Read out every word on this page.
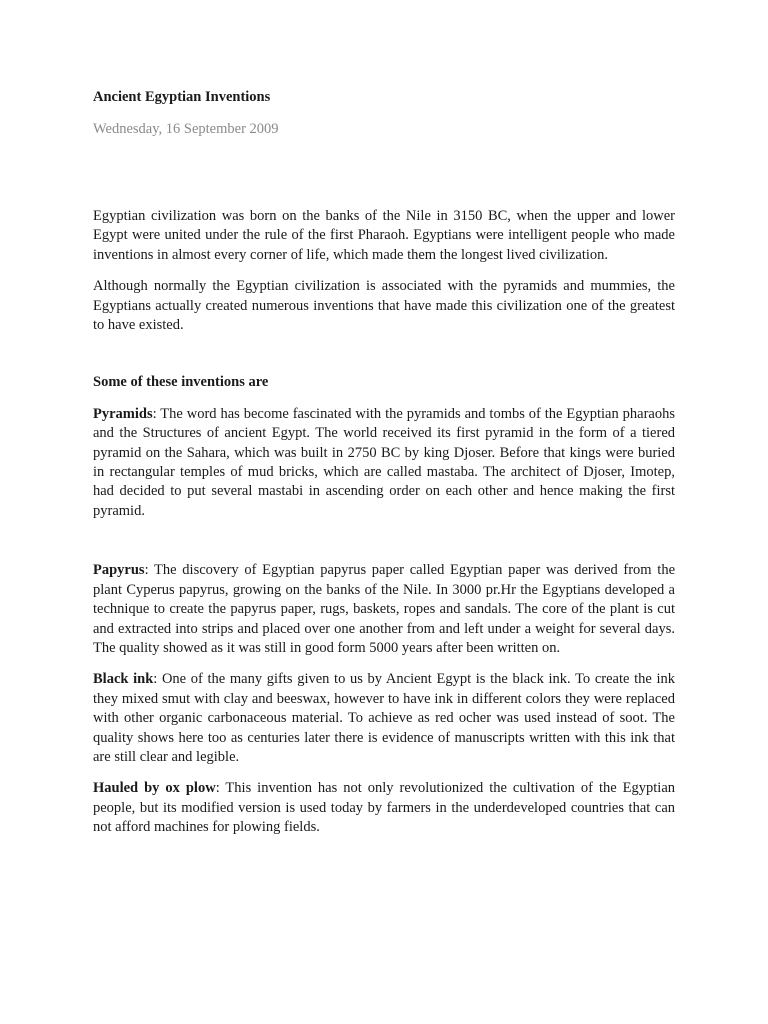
Ancient Egyptian Inventions
Wednesday, 16 September 2009

Egyptian civilization was born on the banks of the Nile in 3150 BC, when the upper and lower Egypt were united under the rule of the first Pharaoh. Egyptians were intelligent people who made inventions in almost every corner of life, which made them the longest lived civilization.

Although normally the Egyptian civilization is associated with the pyramids and mummies, the Egyptians actually created numerous inventions that have made this civilization one of the greatest to have existed.

Some of these inventions are

Pyramids: The word has become fascinated with the pyramids and tombs of the Egyptian pharaohs and the Structures of ancient Egypt. The world received its first pyramid in the form of a tiered pyramid on the Sahara, which was built in 2750 BC by king Djoser. Before that kings were buried in rectangular temples of mud bricks, which are called mastaba. The architect of Djoser, Imotep, had decided to put several mastabi in ascending order on each other and hence making the first pyramid.

Papyrus: The discovery of Egyptian papyrus paper called Egyptian paper was derived from the plant Cyperus papyrus, growing on the banks of the Nile. In 3000 pr.Hr the Egyptians developed a technique to create the papyrus paper, rugs, baskets, ropes and sandals. The core of the plant is cut and extracted into strips and placed over one another from and left under a weight for several days. The quality showed as it was still in good form 5000 years after been written on.

Black ink: One of the many gifts given to us by Ancient Egypt is the black ink. To create the ink they mixed smut with clay and beeswax, however to have ink in different colors they were replaced with other organic carbonaceous material. To achieve as red ocher was used instead of soot. The quality shows here too as centuries later there is evidence of manuscripts written with this ink that are still clear and legible.

Hauled by ox plow: This invention has not only revolutionized the cultivation of the Egyptian people, but its modified version is used today by farmers in the underdeveloped countries that can not afford machines for plowing fields.
